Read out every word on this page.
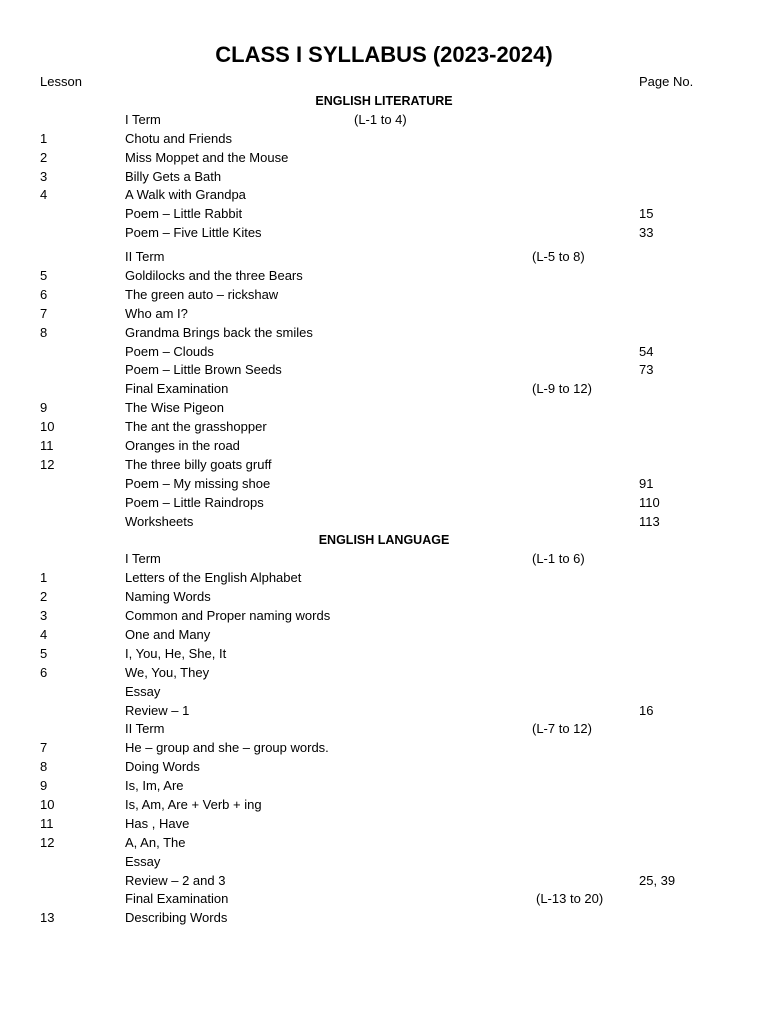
CLASS I SYLLABUS (2023-2024)
Lesson	Page No.
ENGLISH LITERATURE
I Term	(L-1 to 4)
1	Chotu and Friends
2	Miss Moppet and the Mouse
3	Billy Gets a Bath
4	A Walk with Grandpa
Poem – Little Rabbit	15
Poem – Five Little Kites	33
II Term	(L-5 to 8)
5	Goldilocks and the three Bears
6	The green auto – rickshaw
7	Who am I?
8	Grandma Brings back the smiles
Poem – Clouds	54
Poem – Little Brown Seeds	73
Final Examination	(L-9 to 12)
9	The Wise Pigeon
10	The ant the grasshopper
11	Oranges in the road
12	The three billy goats gruff
Poem – My missing shoe	91
Poem – Little Raindrops	110
Worksheets	113
ENGLISH LANGUAGE
I Term	(L-1 to 6)
1	Letters of the English Alphabet
2	Naming Words
3	Common and Proper naming words
4	One and Many
5	I, You, He, She, It
6	We, You, They
Essay
Review – 1	16
II Term	(L-7 to 12)
7	He – group and she – group words.
8	Doing Words
9	Is, Im, Are
10	Is, Am, Are + Verb + ing
11	Has , Have
12	A, An, The
Essay
Review – 2 and 3	25, 39
Final Examination	(L-13 to 20)
13	Describing Words
